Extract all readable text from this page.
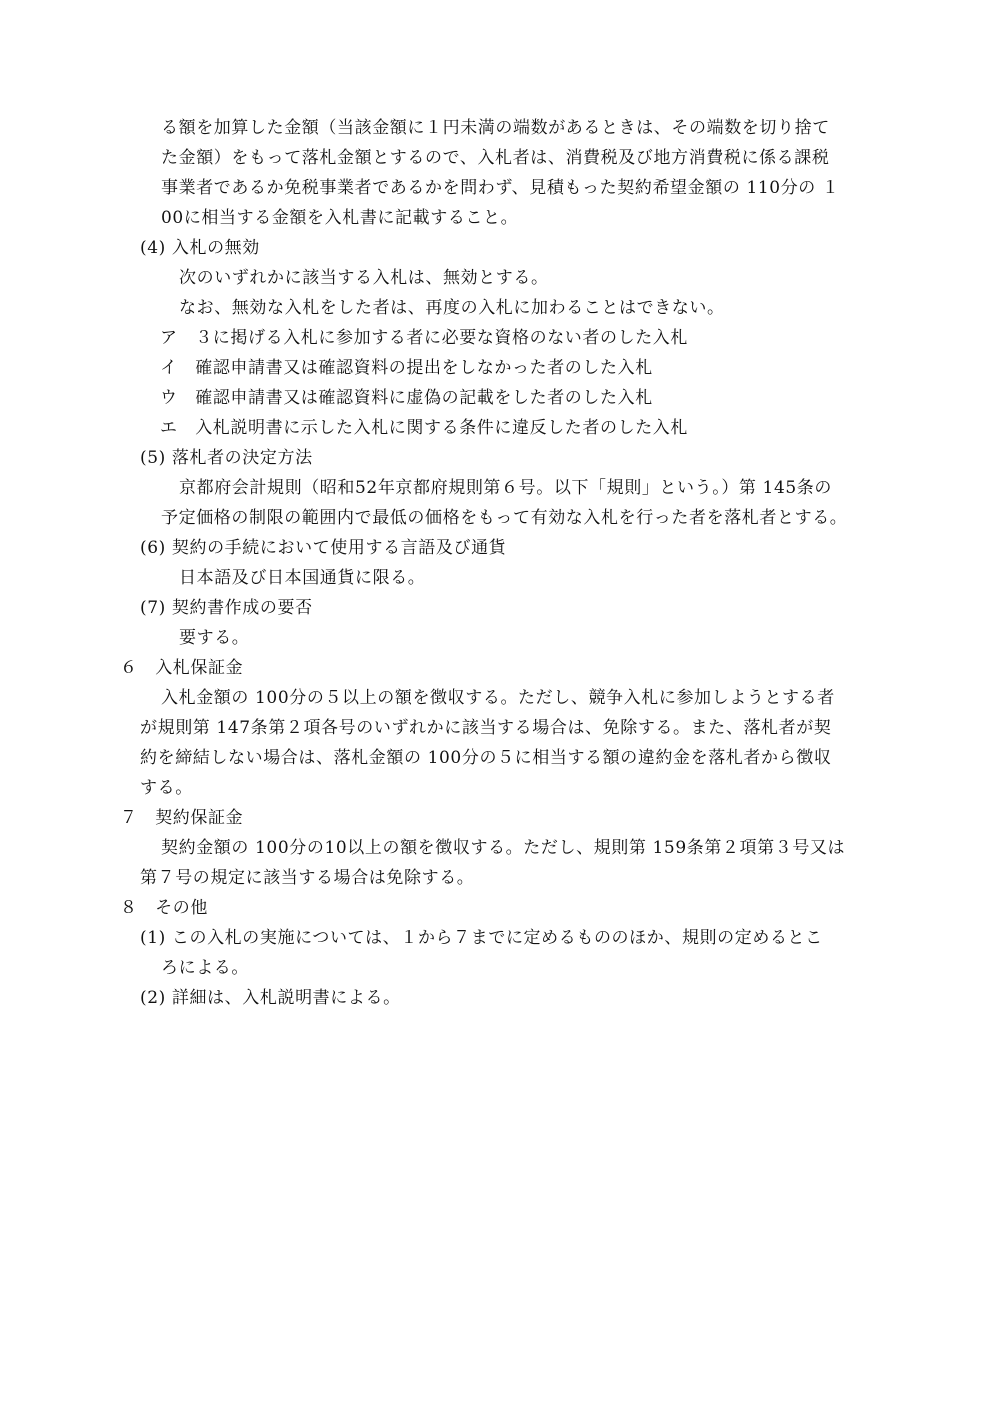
る額を加算した金額（当該金額に１円未満の端数があるときは、その端数を切り捨て
た金額）をもって落札金額とするので、入札者は、消費税及び地方消費税に係る課税
事業者であるか免税事業者であるかを問わず、見積もった契約希望金額の 110分の １
00に相当する金額を入札書に記載すること。
(4) 入札の無効
次のいずれかに該当する入札は、無効とする。
なお、無効な入札をした者は、再度の入札に加わることはできない。
ア　３に掲げる入札に参加する者に必要な資格のない者のした入札
イ　確認申請書又は確認資料の提出をしなかった者のした入札
ウ　確認申請書又は確認資料に虚偽の記載をした者のした入札
エ　入札説明書に示した入札に関する条件に違反した者のした入札
(5) 落札者の決定方法
京都府会計規則（昭和52年京都府規則第６号。以下「規則」という。）第 145条の
予定価格の制限の範囲内で最低の価格をもって有効な入札を行った者を落札者とする。
(6) 契約の手続において使用する言語及び通貨
日本語及び日本国通貨に限る。
(7) 契約書作成の要否
要する。
６　入札保証金
入札金額の 100分の５以上の額を徴収する。ただし、競争入札に参加しようとする者
が規則第 147条第２項各号のいずれかに該当する場合は、免除する。また、落札者が契
約を締結しない場合は、落札金額の 100分の５に相当する額の違約金を落札者から徴収
する。
７　契約保証金
契約金額の 100分の10以上の額を徴収する。ただし、規則第 159条第２項第３号又は
第７号の規定に該当する場合は免除する。
８　その他
(1) この入札の実施については、１から７までに定めるもののほか、規則の定めるとこ
ろによる。
(2) 詳細は、入札説明書による。
